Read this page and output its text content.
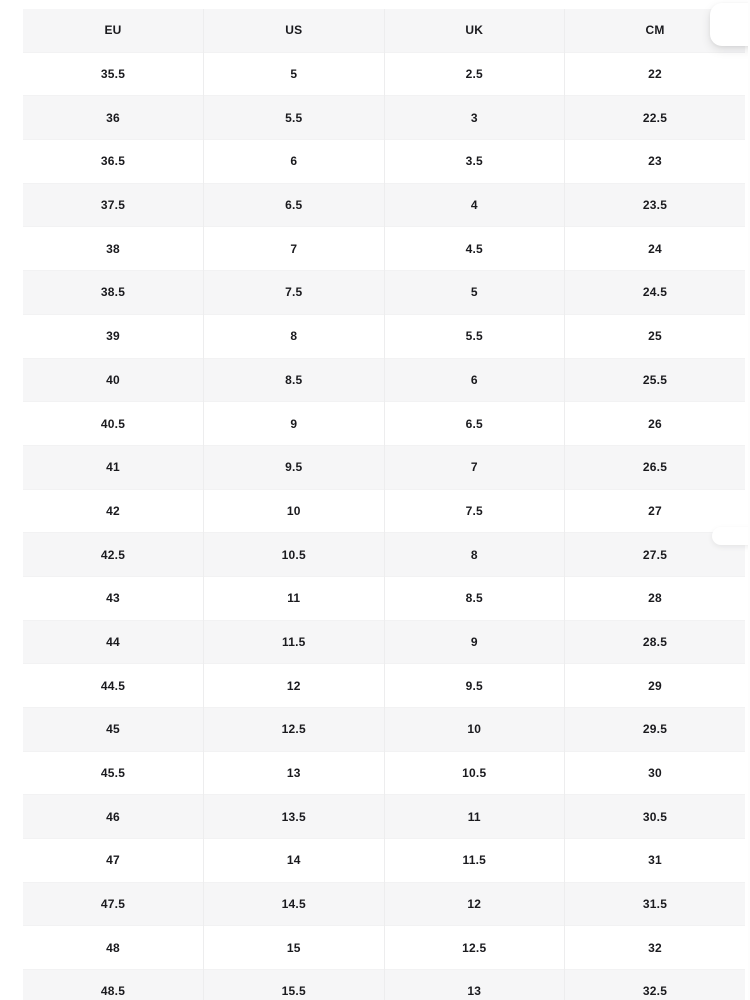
EU	US	UK	CM
35.5	5	2.5	22
36	5.5	3	22.5
36.5	6	3.5	23
37.5	6.5	4	23.5
38	7	4.5	24
38.5	7.5	5	24.5
39	8	5.5	25
40	8.5	6	25.5
40.5	9	6.5	26
41	9.5	7	26.5
42	10	7.5	27
42.5	10.5	8	27.5
43	11	8.5	28
44	11.5	9	28.5
44.5	12	9.5	29
45	12.5	10	29.5
45.5	13	10.5	30
46	13.5	11	30.5
47	14	11.5	31
47.5	14.5	12	31.5
48	15	12.5	32
48.5	15.5	13	32.5
